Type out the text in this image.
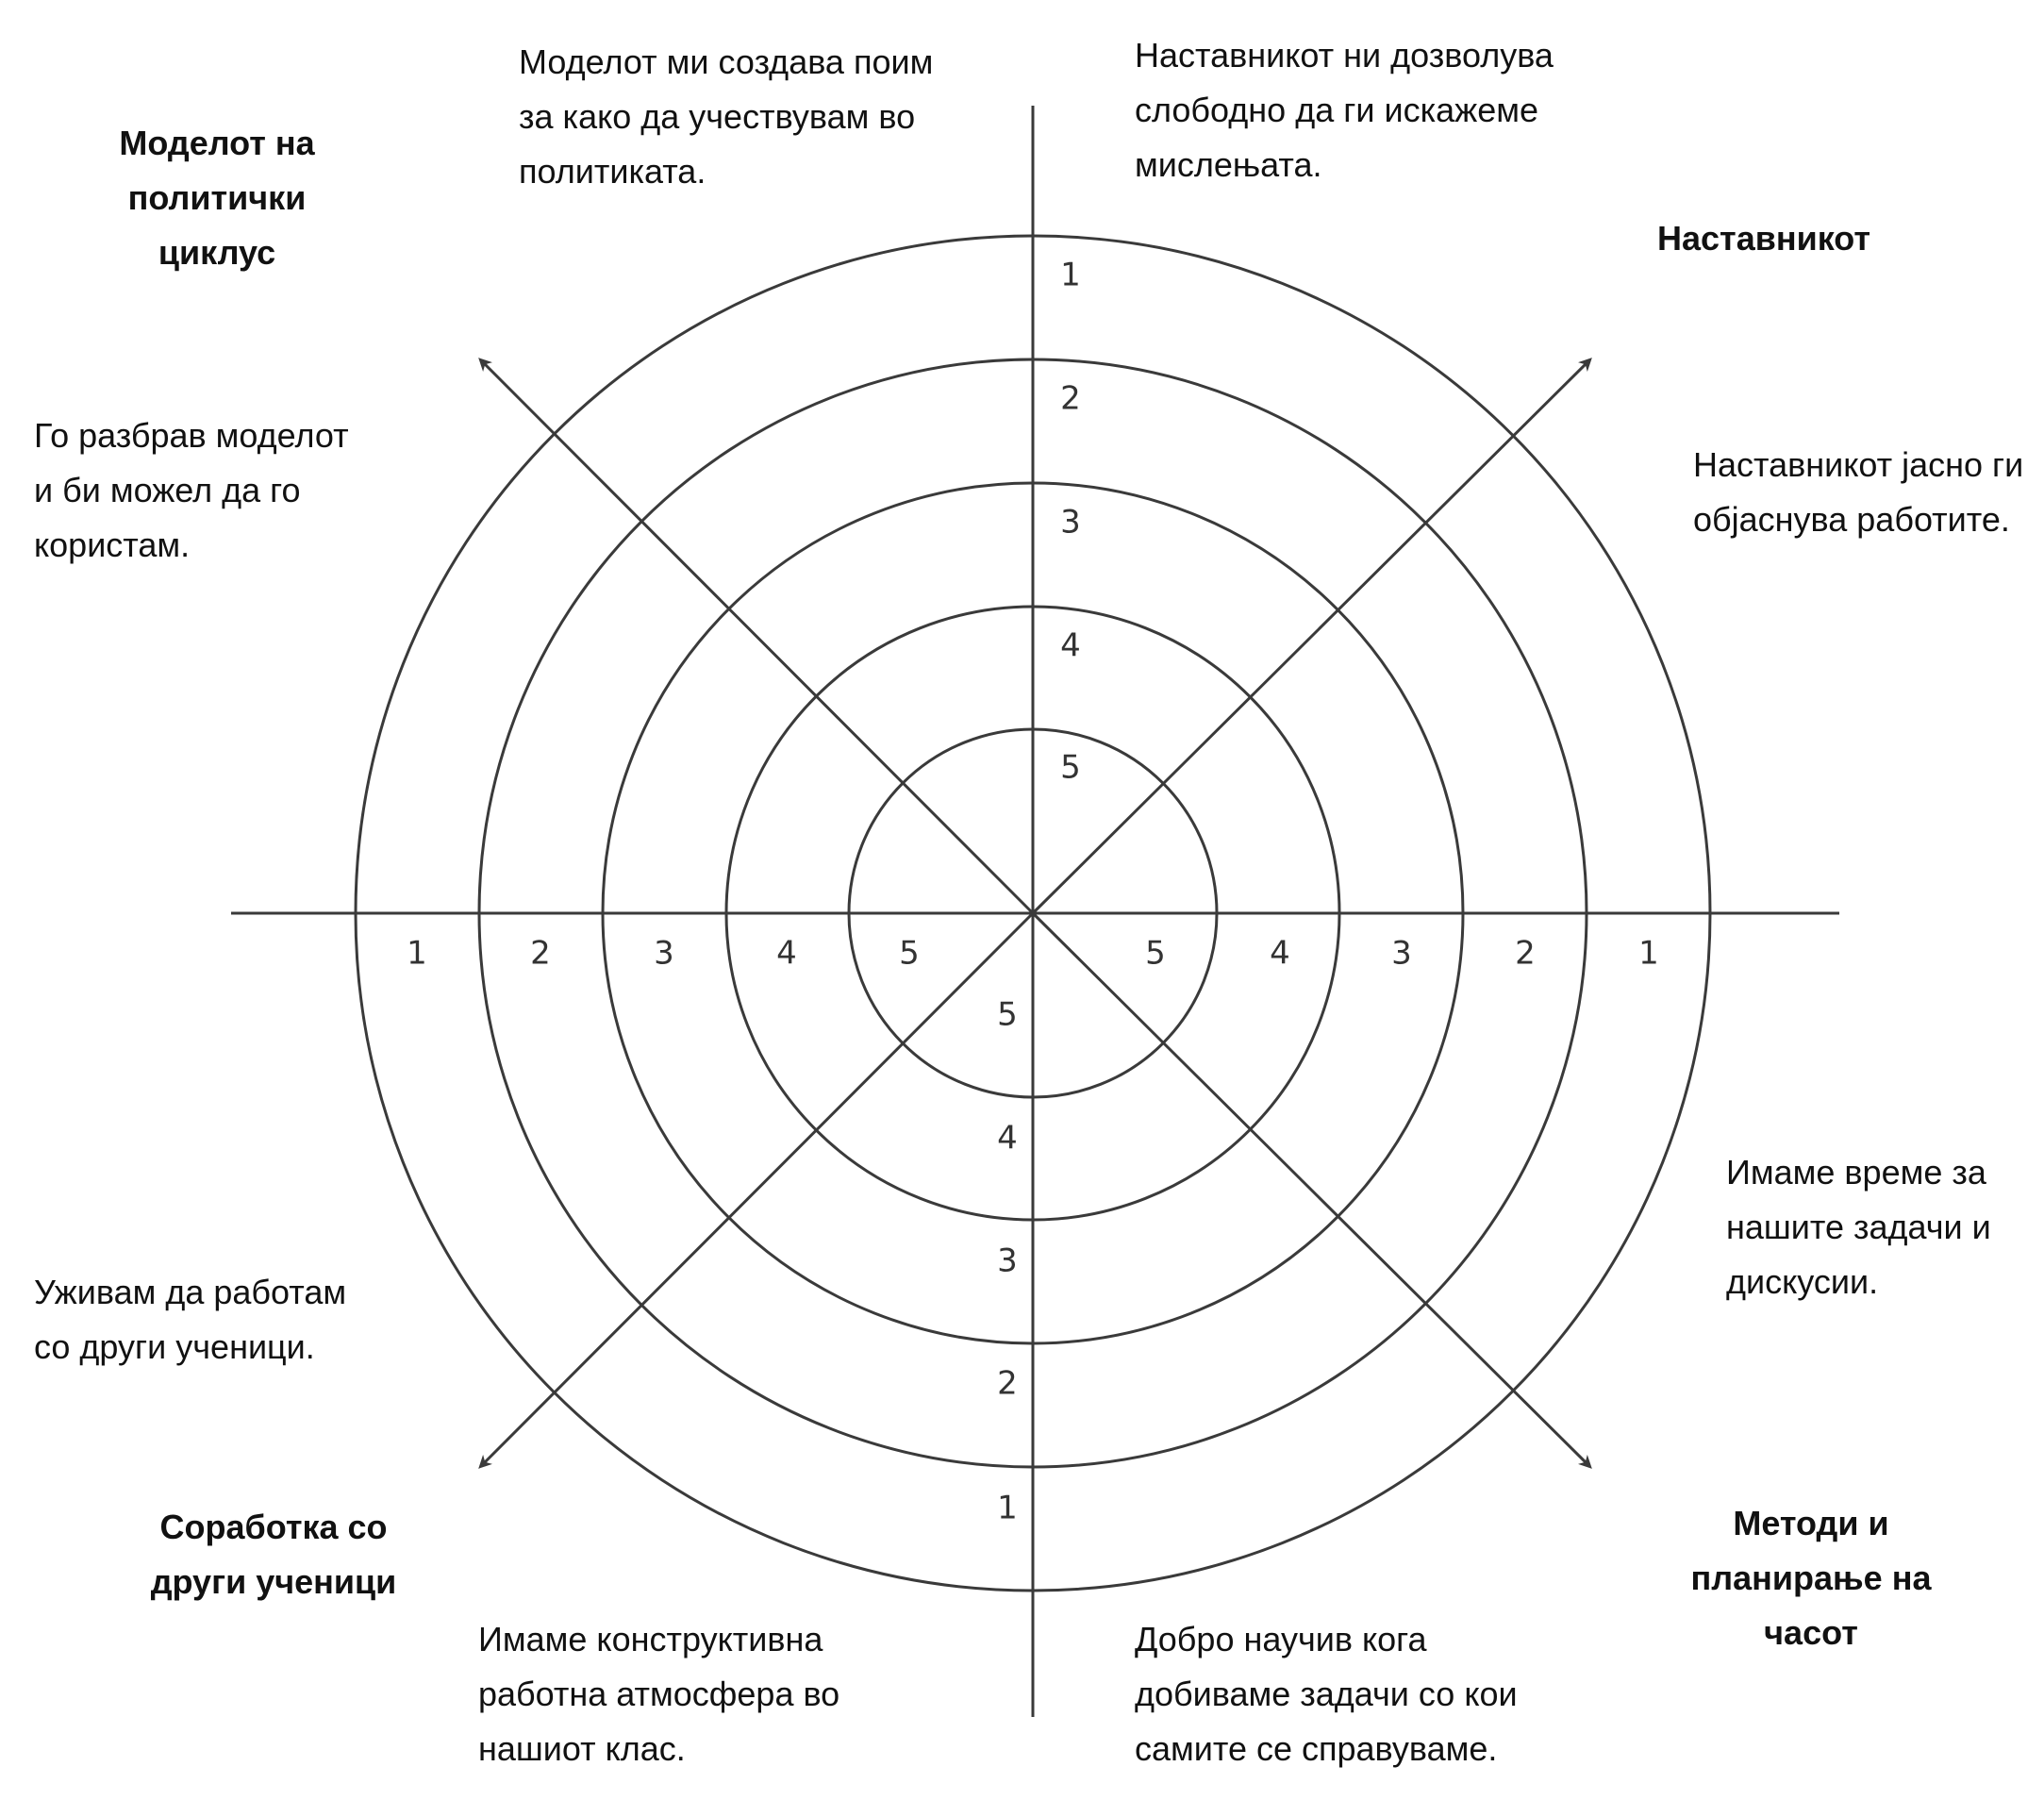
1
1
1	1
2
2
2	2
3
3
3	3
4
4
4	4
5
5
5	5
Моделот на
политички
циклус	Наставникот
Соработка со
други ученици
Методи и
планирање на
часот
Моделот ми создава поим
за како да учествувам во
политиката.
Наставникот ни дозволува
слободно да ги искажеме
мислењата.
Го разбрав моделот
и би можел да го
користам.
Наставникот јасно ги
објаснува работите.
Имаме време за
нашите задачи и
дискусии.
Уживам да работам
со други ученици.
Имаме конструктивна
работна атмосфера во
нашиот клас.
Добро научив кога
добиваме задачи со кои
самите се справуваме.
